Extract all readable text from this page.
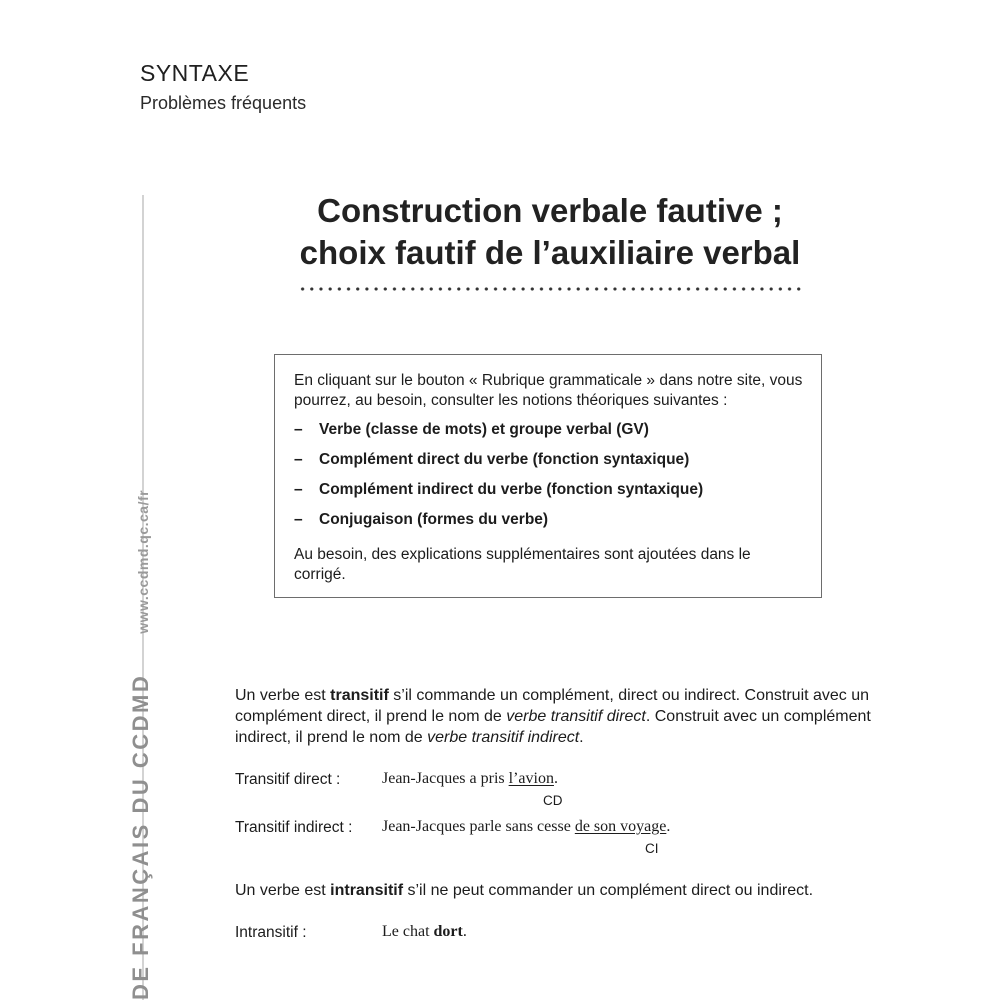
SYNTAXE
Problèmes fréquents
DE FRANÇAIS DU CCDMDwww.ccdmd.qc.ca/fr
Construction verbale fautive ;
choix fautif de l’auxiliaire verbal

En cliquant sur le bouton « Rubrique grammaticale » dans notre site, vous pourrez, au besoin, consulter les notions théoriques suivantes :

–	Verbe (classe de mots) et groupe verbal (GV)
–	Complément direct du verbe (fonction syntaxique)
–	Complément indirect du verbe (fonction syntaxique)
–	Conjugaison (formes du verbe)

Au besoin, des explications supplémentaires sont ajoutées dans le corrigé.

Un verbe est transitif s’il commande un complément, direct ou indirect. Construit avec un complément direct, il prend le nom de verbe transitif direct. Construit avec un complément indirect, il prend le nom de verbe transitif indirect.
Transitif direct :	Jean-Jacques a pris l’avion.
CD
Transitif indirect : Jean-Jacques parle sans cesse de son voyage.
CI
Un verbe est intransitif s’il ne peut commander un complément direct ou indirect.
Intransitif :	Le chat dort.
